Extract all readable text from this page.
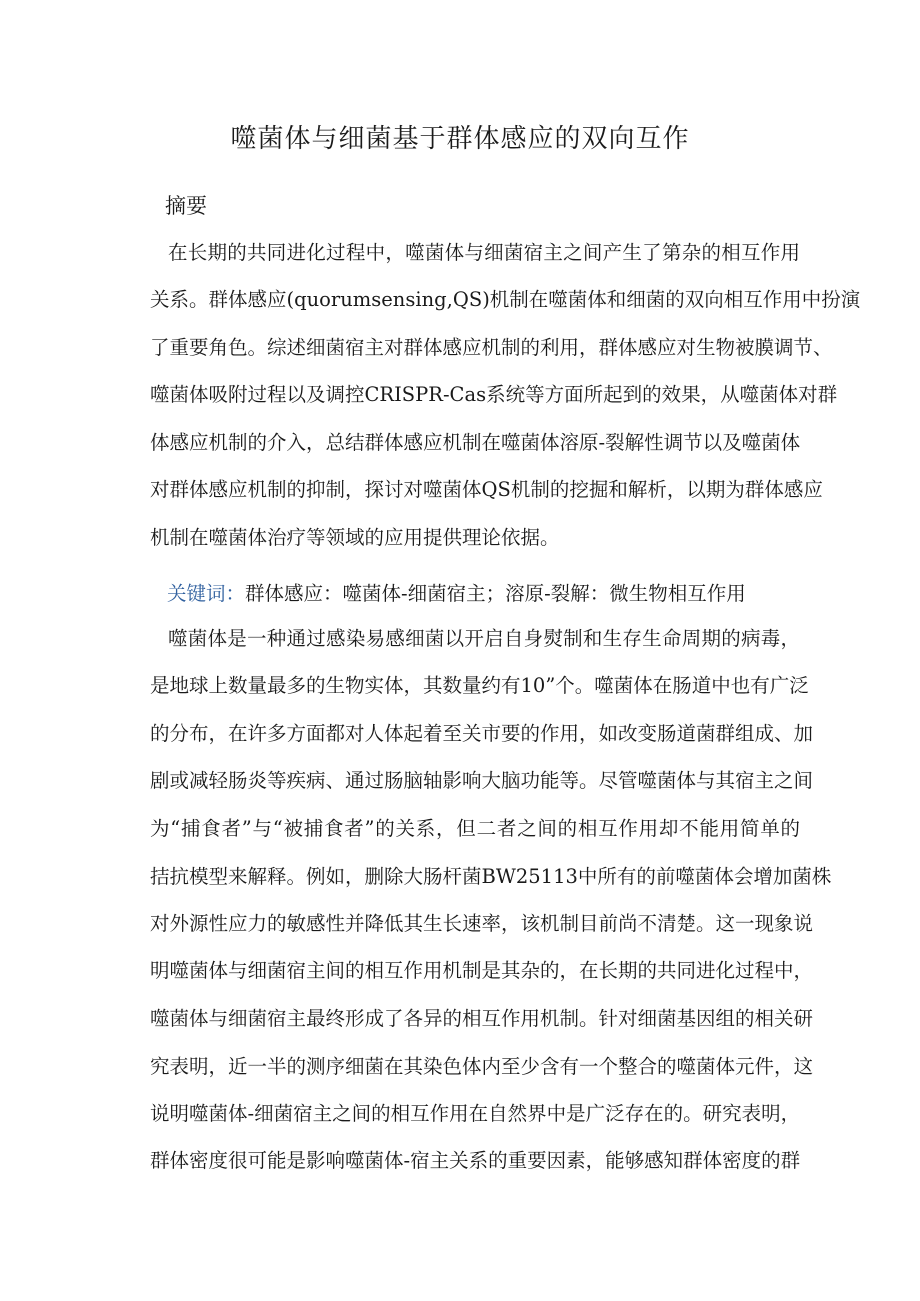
噬菌体与细菌基于群体感应的双向互作
摘要
在长期的共同进化过程中，噬菌体与细菌宿主之间产生了第杂的相互作用
关系。群体感应(quorumsensing,QS)机制在噬菌体和细菌的双向相互作用中扮演
了重要角色。综述细菌宿主对群体感应机制的利用，群体感应对生物被膜调节、
噬菌体吸附过程以及调控CRISPR-Cas系统等方面所起到的效果，从噬菌体对群
体感应机制的介入，总结群体感应机制在噬菌体溶原-裂解性调节以及噬菌体
对群体感应机制的抑制，探讨对噬菌体QS机制的挖掘和解析，以期为群体感应
机制在噬菌体治疗等领域的应用提供理论依据。
关键词：群体感应：噬菌体-细菌宿主；溶原-裂解：微生物相互作用
噬菌体是一种通过感染易感细菌以开启自身熨制和生存生命周期的病毒，
是地球上数量最多的生物实体，其数量约有10”个。噬菌体在肠道中也有广泛
的分布，在许多方面都对人体起着至关市要的作用，如改变肠道菌群组成、加
剧或减轻肠炎等疾病、通过肠脑轴影响大脑功能等。尽管噬菌体与其宿主之间
为“捕食者”与“被捕食者”的关系，但二者之间的相互作用却不能用简单的
拮抗模型来解释。例如，删除大肠杆菌BW25113中所有的前噬菌体会增加菌株
对外源性应力的敏感性并降低其生长速率，该机制目前尚不清楚。这一现象说
明噬菌体与细菌宿主间的相互作用机制是其杂的，在长期的共同进化过程中，
噬菌体与细菌宿主最终形成了各异的相互作用机制。针对细菌基因组的相关研
究表明，近一半的测序细菌在其染色体内至少含有一个整合的噬菌体元件，这
说明噬菌体-细菌宿主之间的相互作用在自然界中是广泛存在的。研究表明，
群体密度很可能是影响噬菌体-宿主关系的重要因素，能够感知群体密度的群
